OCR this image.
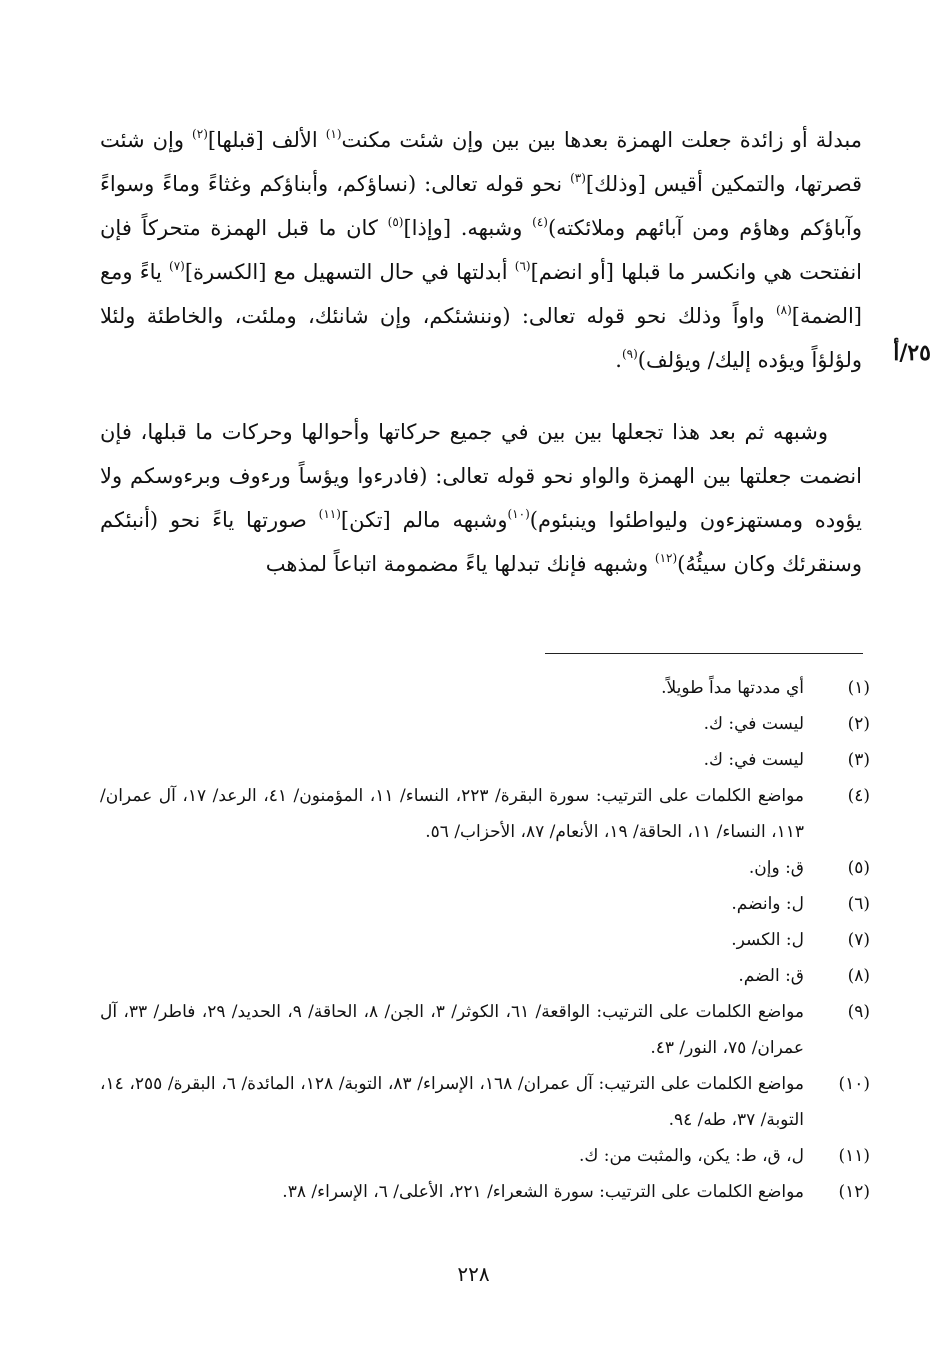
٢٥/أ

مبدلة أو زائدة جعلت الهمزة بعدها بين بين وإن شئت مكنت$^{(١)}$ الألف [قبلها]$^{(٢)}$ وإن شئت قصرتها، والتمكين أقيس [وذلك]$^{(٣)}$ نحو قوله تعالى: (نساؤكم، وأبناؤكم وغثاءً وماءً وسواءً وآباؤكم وهاؤم ومن آبائهم وملائكته)$^{(٤)}$ وشبهه. [وإذا]$^{(٥)}$ كان ما قبل الهمزة متحركاً فإن انفتحت هي وانكسر ما قبلها [أو انضم]$^{(٦)}$ أبدلتها في حال التسهيل مع [الكسرة]$^{(٧)}$ ياءً ومع [الضمة]$^{(٨)}$ واواً وذلك نحو قوله تعالى: (وننشئكم، وإن شانئك، وملئت، والخاطئة ولئلا ولؤلؤاً ويؤده إليك/ ويؤلف)$^{(٩)}$.

وشبهه ثم بعد هذا تجعلها بين بين في جميع حركاتها وأحوالها وحركات ما قبلها، فإن انضمت جعلتها بين الهمزة والواو نحو قوله تعالى: (فادرءوا ويؤساً ورءوف وبرءوسكم ولا يؤوده ومستهزءون وليواطئوا وينبئوم)$^{(١٠)}$وشبهه مالم [تكن]$^{(١١)}$ صورتها ياءً نحو (أنبئكم وسنقرئك وكان سيئُهُ)$^{(١٢)}$ وشبهه فإنك تبدلها ياءً مضمومة اتباعاً لمذهب

(١)
أي مددتها مداً طويلاً.
(٢)
ليست في: ك.
(٣)
ليست في: ك.
(٤)
مواضع الكلمات على الترتيب: سورة البقرة/ ٢٢٣، النساء/ ١١، المؤمنون/ ٤١، الرعد/ ١٧، آل عمران/ ١١٣، النساء/ ١١، الحاقة/ ١٩، الأنعام/ ٨٧، الأحزاب/ ٥٦.
(٥)
ق: وإن.
(٦)
ل: وانضم.
(٧)
ل: الكسر.
(٨)
ق: الضم.
(٩)
مواضع الكلمات على الترتيب: الواقعة/ ٦١، الكوثر/ ٣، الجن/ ٨، الحاقة/ ٩، الحديد/ ٢٩، فاطر/ ٣٣، آل عمران/ ٧٥، النور/ ٤٣.
(١٠)
مواضع الكلمات على الترتيب: آل عمران/ ١٦٨، الإسراء/ ٨٣، التوبة/ ١٢٨، المائدة/ ٦، البقرة/ ٢٥٥، ١٤، التوبة/ ٣٧، طه/ ٩٤.
(١١)
ل، ق، ط: يكن، والمثبت من: ك.
(١٢)
مواضع الكلمات على الترتيب: سورة الشعراء/ ٢٢١، الأعلى/ ٦، الإسراء/ ٣٨.
٢٢٨
